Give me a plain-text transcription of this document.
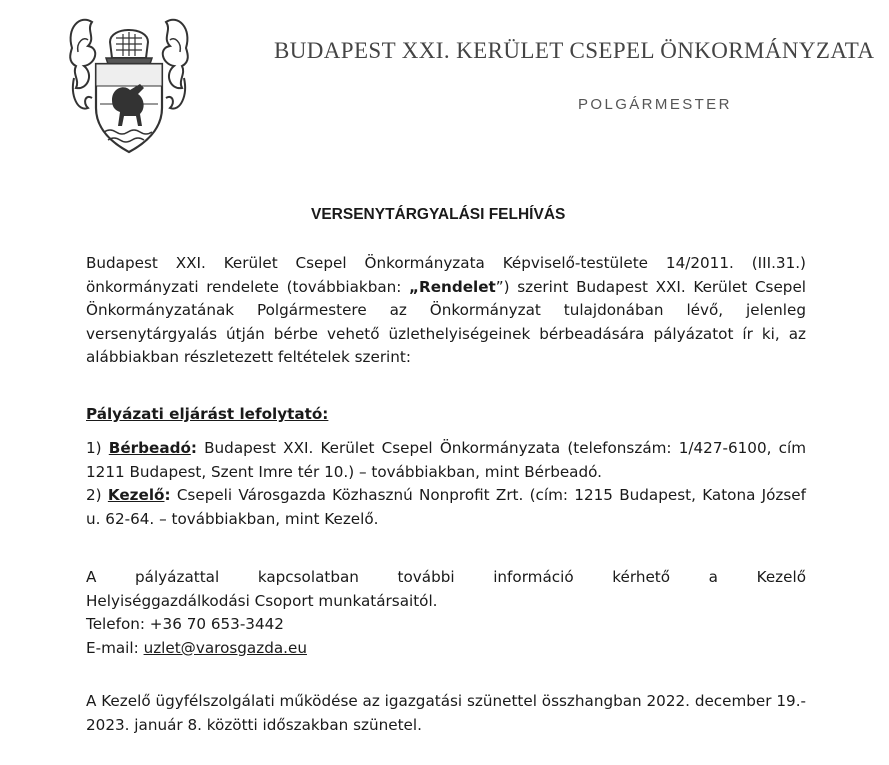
BUDAPEST XXI. KERÜLET CSEPEL ÖNKORMÁNYZATA
POLGÁRMESTER
VERSENYTÁRGYALÁSI FELHÍVÁS

Budapest XXI. Kerület Csepel Önkormányzata Képviselő-testülete 14/2011. (III.31.) önkormányzati rendelete (továbbiakban: „Rendelet”) szerint Budapest XXI. Kerület Csepel Önkormányzatának Polgármestere az Önkormányzat tulajdonában lévő, jelenleg versenytárgyalás útján bérbe vehető üzlethelyiségeinek bérbeadására pályázatot ír ki, az alábbiakban részletezett feltételek szerint:

Pályázati eljárást lefolytató:

1) Bérbeadó: Budapest XXI. Kerület Csepel Önkormányzata (telefonszám: 1/427-6100, cím 1211 Budapest, Szent Imre tér 10.) – továbbiakban, mint Bérbeadó.

2) Kezelő: Csepeli Városgazda Közhasznú Nonprofit Zrt. (cím: 1215 Budapest, Katona József u. 62-64. – továbbiakban, mint Kezelő.

A pályázattal kapcsolatban további információ kérhető a Kezelő
Helyiséggazdálkodási Csoport munkatársaitól.
Telefon: +36 70 653-3442
E-mail: uzlet@varosgazda.eu

A Kezelő ügyfélszolgálati működése az igazgatási szünettel összhangban 2022. december 19.- 2023. január 8. közötti időszakban szünetel.
